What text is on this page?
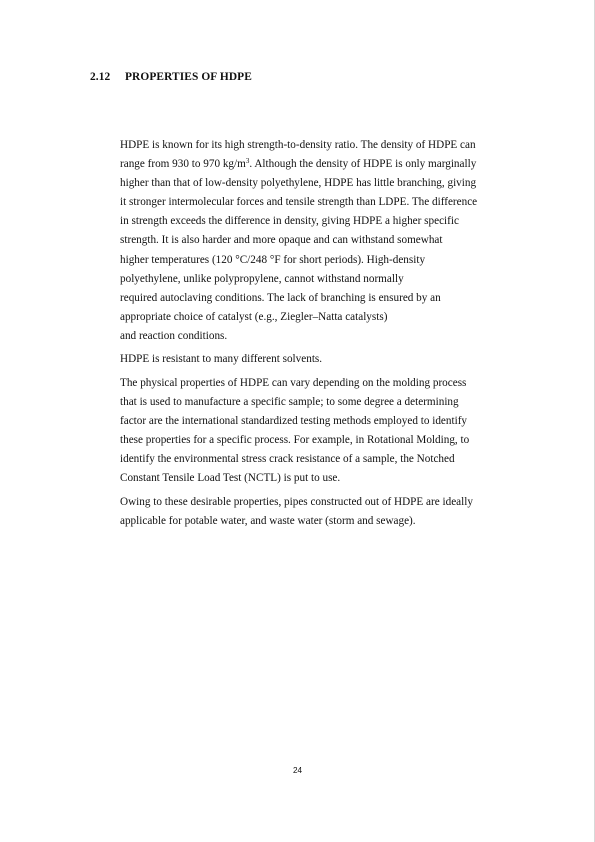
2.12 PROPERTIES OF HDPE

HDPE is known for its high strength-to-density ratio. The density of HDPE can
range from 930 to 970 $kg/m^3$. Although the density of HDPE is only marginally
higher than that of low-density polyethylene, HDPE has little branching, giving
it stronger intermolecular forces and tensile strength than LDPE. The difference
in strength exceeds the difference in density, giving HDPE a higher specific
strength. It is also harder and more opaque and can withstand somewhat
higher temperatures (120 °C/248 °F for short periods). High-density
polyethylene, unlike polypropylene, cannot withstand normally
required autoclaving conditions. The lack of branching is ensured by an
appropriate choice of catalyst (e.g., Ziegler–Natta catalysts)
and reaction conditions.

HDPE is resistant to many different solvents.

The physical properties of HDPE can vary depending on the molding process
that is used to manufacture a specific sample; to some degree a determining
factor are the international standardized testing methods employed to identify
these properties for a specific process. For example, in Rotational Molding, to
identify the environmental stress crack resistance of a sample, the Notched
Constant Tensile Load Test (NCTL) is put to use.

Owing to these desirable properties, pipes constructed out of HDPE are ideally
applicable for potable water, and waste water (storm and sewage).

24
